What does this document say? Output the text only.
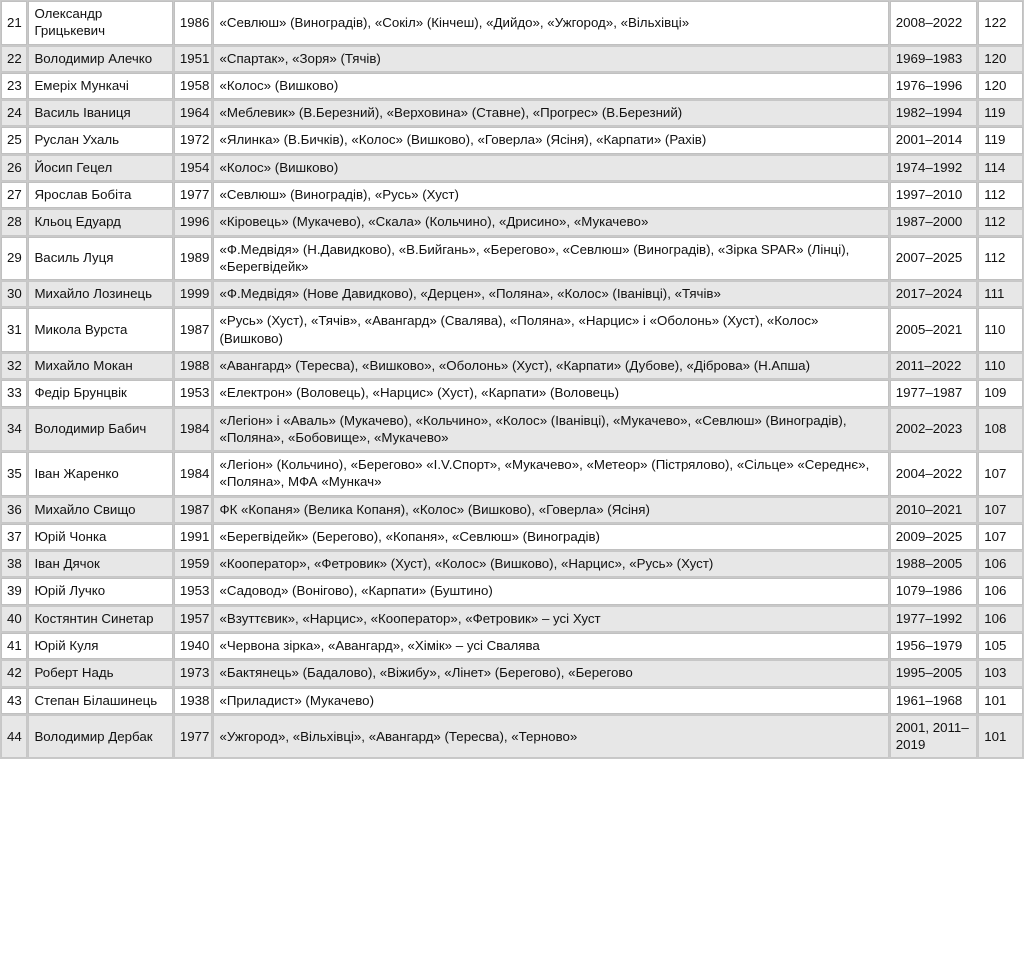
21	Олександр Грицькевич	1986	«Севлюш» (Виноградів), «Сокіл» (Кінчеш), «Дийдо», «Ужгород», «Вільхівці»	2008–2022	122
22	Володимир Алечко	1951	«Спартак», «Зоря» (Тячів)	1969–1983	120
23	Емеріх Мункачі	1958	«Колос» (Вишково)	1976–1996	120
24	Василь Іваниця	1964	«Меблевик» (В.Березний), «Верховина» (Ставне), «Прогрес» (В.Березний)	1982–1994	119
25	Руслан Ухаль	1972	«Ялинка» (В.Бичків), «Колос» (Вишково), «Говерла» (Ясіня), «Карпати» (Рахів)	2001–2014	119
26	Йосип Гецел	1954	«Колос» (Вишково)	1974–1992	114
27	Ярослав Бобіта	1977	«Севлюш» (Виноградів), «Русь» (Хуст)	1997–2010	112
28	Кльоц Едуард	1996	«Кіровець» (Мукачево), «Скала» (Кольчино), «Дрисино», «Мукачево»	1987–2000	112
29	Василь Луця	1989	«Ф.Медвідя» (Н.Давидково), «В.Бийгань», «Берегово», «Севлюш» (Виноградів), «Зірка SPAR» (Лінці), «Берегвідейк»	2007–2025	112
30	Михайло Лозинець	1999	«Ф.Медвідя» (Нове Давидково), «Дерцен», «Поляна», «Колос» (Іванівці), «Тячів»	2017–2024	111
31	Микола Вурста	1987	«Русь» (Хуст), «Тячів», «Авангард» (Свалява), «Поляна», «Нарцис» і «Оболонь» (Хуст), «Колос» (Вишково)	2005–2021	110
32	Михайло Мокан	1988	«Авангард» (Тересва), «Вишково», «Оболонь» (Хуст), «Карпати» (Дубове), «Діброва» (Н.Апша)	2011–2022	110
33	Федір Брунцвік	1953	«Електрон» (Воловець), «Нарцис» (Хуст), «Карпати» (Воловець)	1977–1987	109
34	Володимир Бабич	1984	«Легіон» і «Аваль» (Мукачево), «Кольчино», «Колос» (Іванівці), «Мукачево», «Севлюш» (Виноградів), «Поляна», «Бобовище», «Мукачево»	2002–2023	108
35	Іван Жаренко	1984	«Легіон» (Кольчино), «Берегово» «I.V.Спорт», «Мукачево», «Метеор» (Пістрялово), «Сільце» «Середнє», «Поляна», МФА «Мункач»	2004–2022	107
36	Михайло Свищо	1987	ФК «Копаня» (Велика Копаня), «Колос» (Вишково), «Говерла» (Ясіня)	2010–2021	107
37	Юрій Чонка	1991	«Берегвідейк» (Берегово), «Копаня», «Севлюш» (Виноградів)	2009–2025	107
38	Іван Дячок	1959	«Кооператор», «Фетровик» (Хуст), «Колос» (Вишково), «Нарцис», «Русь» (Хуст)	1988–2005	106
39	Юрій Лучко	1953	«Садовод» (Вонігово), «Карпати» (Буштино)	1079–1986	106
40	Костянтин Синетар	1957	«Взуттєвик», «Нарцис», «Кооператор», «Фетровик» – усі Хуст	1977–1992	106
41	Юрій Куля	1940	«Червона зірка», «Авангард», «Хімік» – усі Свалява	1956–1979	105
42	Роберт Надь	1973	«Бактянець» (Бадалово), «Віжибу», «Лінет» (Берегово), «Берегово	1995–2005	103
43	Степан Білашинець	1938	«Приладист» (Мукачево)	1961–1968	101
44	Володимир Дербак	1977	«Ужгород», «Вільхівці», «Авангард» (Тересва), «Терново»	2001, 2011–2019	101
